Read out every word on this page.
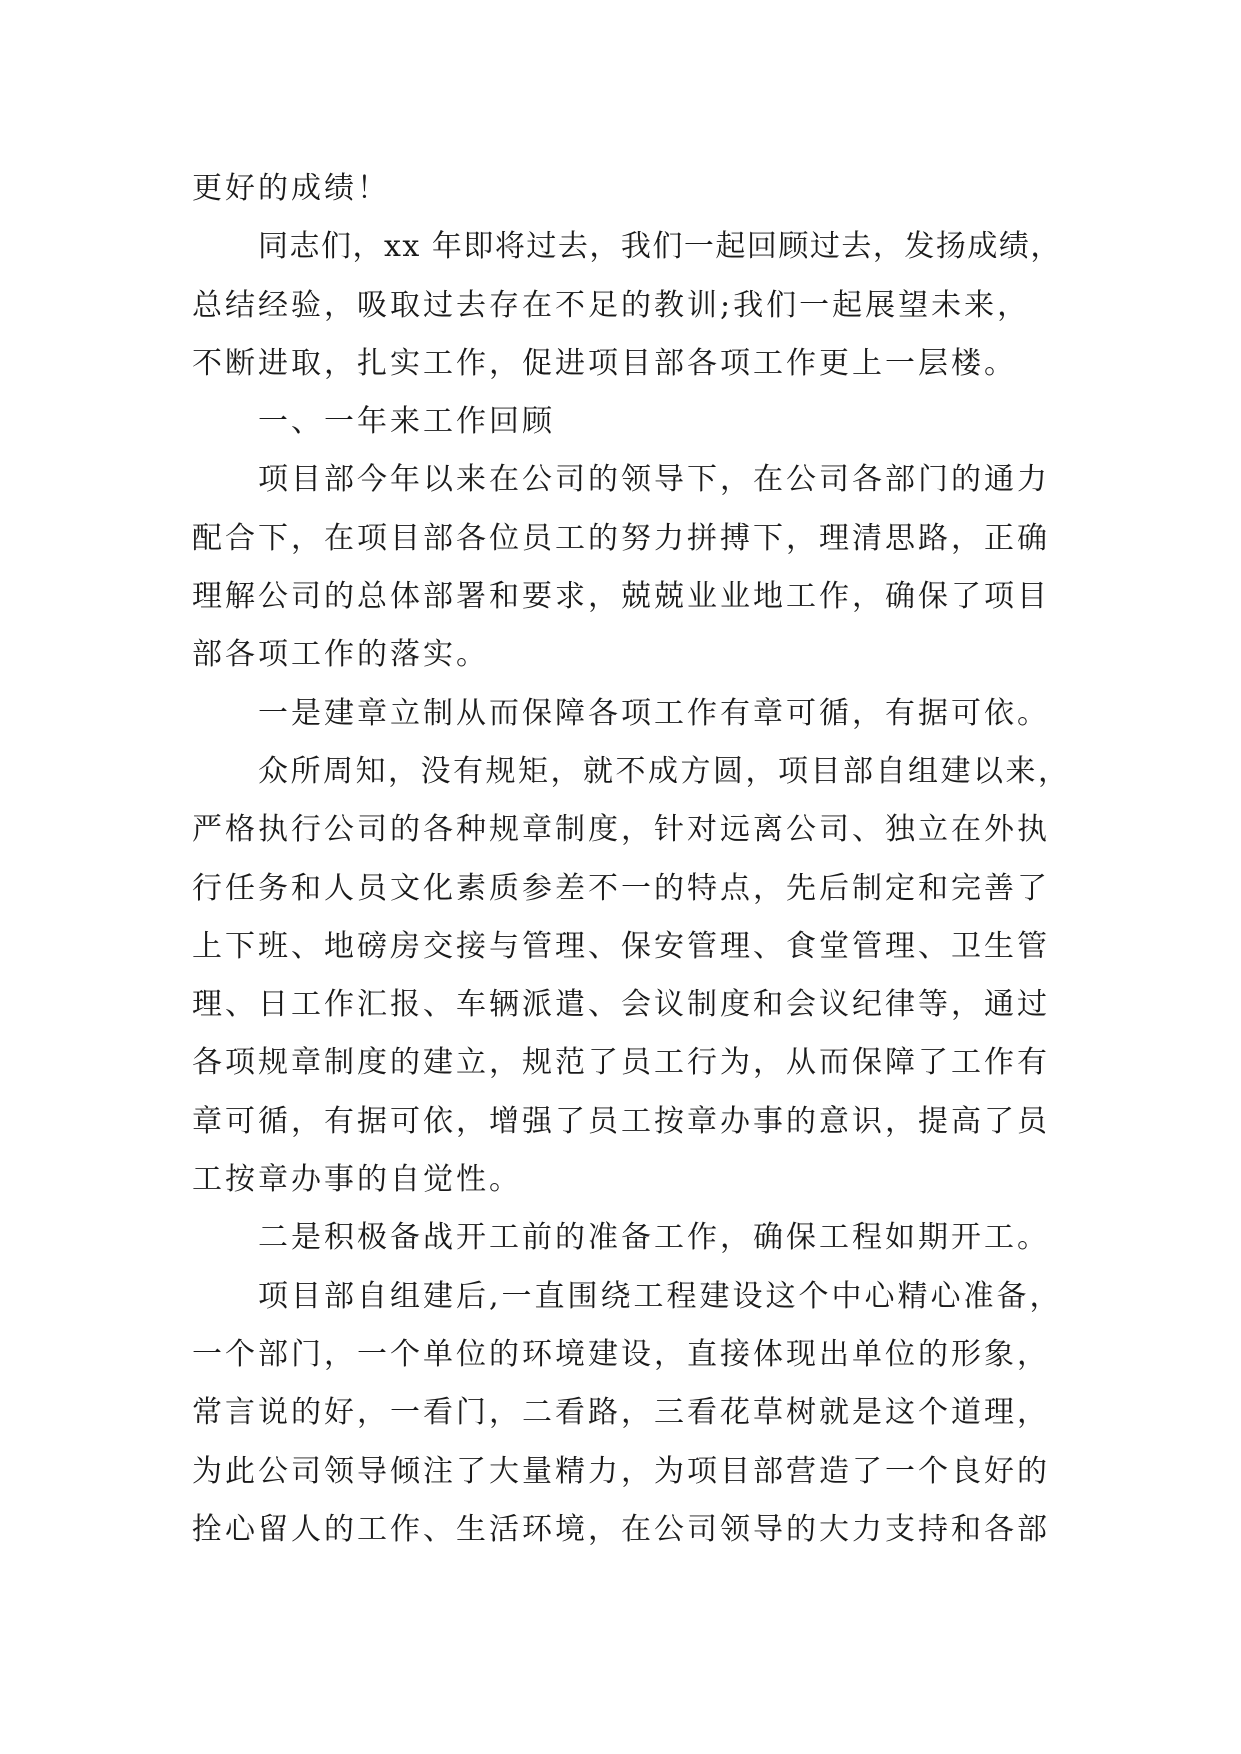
更好的成绩！
同志们，xx 年即将过去，我们一起回顾过去，发扬成绩，
总结经验，吸取过去存在不足的教训;我们一起展望未来，
不断进取，扎实工作，促进项目部各项工作更上一层楼。
一、一年来工作回顾
项目部今年以来在公司的领导下，在公司各部门的通力
配合下，在项目部各位员工的努力拼搏下，理清思路，正确
理解公司的总体部署和要求，兢兢业业地工作，确保了项目
部各项工作的落实。
一是建章立制从而保障各项工作有章可循，有据可依。
众所周知，没有规矩，就不成方圆，项目部自组建以来，
严格执行公司的各种规章制度，针对远离公司、独立在外执
行任务和人员文化素质参差不一的特点，先后制定和完善了
上下班、地磅房交接与管理、保安管理、食堂管理、卫生管
理、日工作汇报、车辆派遣、会议制度和会议纪律等，通过
各项规章制度的建立，规范了员工行为，从而保障了工作有
章可循，有据可依，增强了员工按章办事的意识，提高了员
工按章办事的自觉性。
二是积极备战开工前的准备工作，确保工程如期开工。
项目部自组建后,一直围绕工程建设这个中心精心准备，
一个部门，一个单位的环境建设，直接体现出单位的形象，
常言说的好，一看门，二看路，三看花草树就是这个道理，
为此公司领导倾注了大量精力，为项目部营造了一个良好的
拴心留人的工作、生活环境，在公司领导的大力支持和各部
